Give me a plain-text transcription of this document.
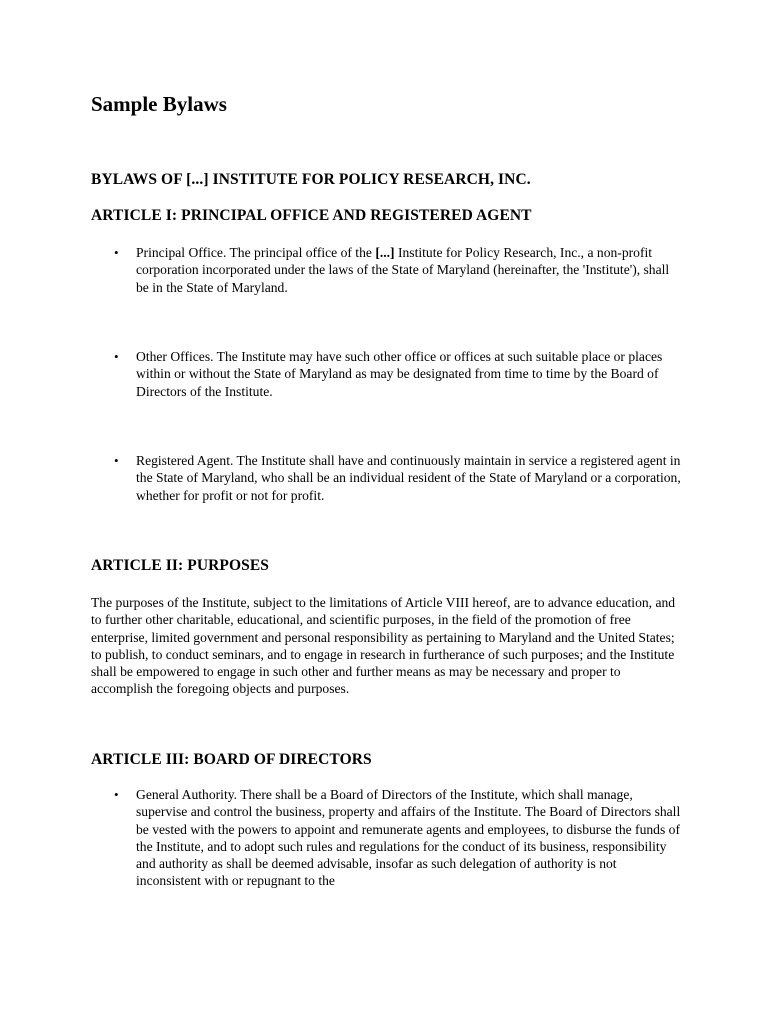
Sample Bylaws
BYLAWS OF [...] INSTITUTE FOR POLICY RESEARCH, INC.
ARTICLE I: PRINCIPAL OFFICE AND REGISTERED AGENT
• Principal Office. The principal office of the [...] Institute for Policy Research, Inc., a non-profit corporation incorporated under the laws of the State of Maryland (hereinafter, the 'Institute'), shall be in the State of Maryland.
• Other Offices. The Institute may have such other office or offices at such suitable place or places within or without the State of Maryland as may be designated from time to time by the Board of Directors of the Institute.
• Registered Agent. The Institute shall have and continuously maintain in service a registered agent in the State of Maryland, who shall be an individual resident of the State of Maryland or a corporation, whether for profit or not for profit.
ARTICLE II: PURPOSES

The purposes of the Institute, subject to the limitations of Article VIII hereof, are to advance education, and to further other charitable, educational, and scientific purposes, in the field of the promotion of free enterprise, limited government and personal responsibility as pertaining to Maryland and the United States; to publish, to conduct seminars, and to engage in research in furtherance of such purposes; and the Institute shall be empowered to engage in such other and further means as may be necessary and proper to accomplish the foregoing objects and purposes.

ARTICLE III: BOARD OF DIRECTORS
• General Authority. There shall be a Board of Directors of the Institute, which shall manage, supervise and control the business, property and affairs of the Institute. The Board of Directors shall be vested with the powers to appoint and remunerate agents and employees, to disburse the funds of the Institute, and to adopt such rules and regulations for the conduct of its business, responsibility and authority as shall be deemed advisable, insofar as such delegation of authority is not inconsistent with or repugnant to the
